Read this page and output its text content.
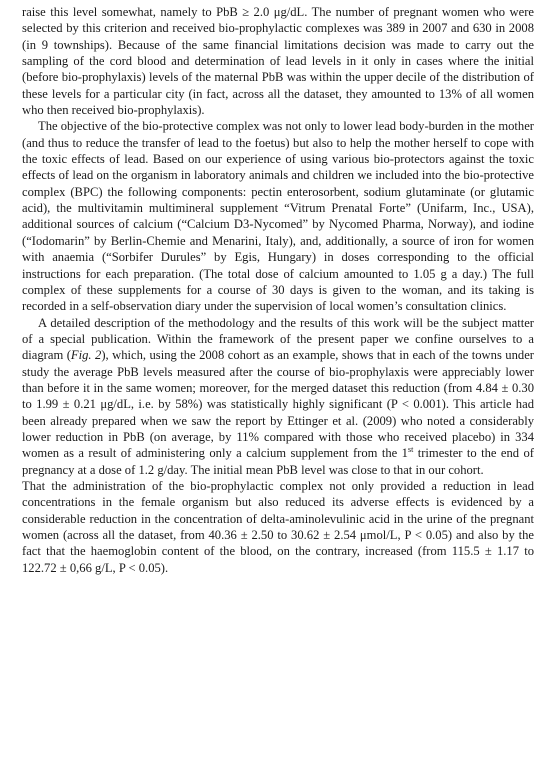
raise this level somewhat, namely to PbB ≥ 2.0 μg/dL. The number of pregnant women who were selected by this criterion and received bio-prophylactic complexes was 389 in 2007 and 630 in 2008 (in 9 townships). Because of the same financial limitations decision was made to carry out the sampling of the cord blood and determination of lead levels in it only in cases where the initial (before bio-prophylaxis) levels of the maternal PbB was within the upper decile of the distribution of these levels for a particular city (in fact, across all the dataset, they amounted to 13% of all women who then received bio-prophylaxis).

The objective of the bio-protective complex was not only to lower lead body-burden in the mother (and thus to reduce the transfer of lead to the foetus) but also to help the mother herself to cope with the toxic effects of lead. Based on our experience of using various bio-protectors against the toxic effects of lead on the organism in laboratory animals and children we included into the bio-protective complex (BPC) the following components: pectin enterosorbent, sodium glutaminate (or glutamic acid), the multivitamin multimineral supplement “Vitrum Prenatal Forte” (Unifarm, Inc., USA), additional sources of calcium (“Calcium D3-Nycomed” by Nycomed Pharma, Norway), and iodine (“Iodomarin” by Berlin-Chemie and Menarini, Italy), and, additionally, a source of iron for women with anaemia (“Sorbifer Durules” by Egis, Hungary) in doses corresponding to the official instructions for each preparation. (The total dose of calcium amounted to 1.05 g a day.) The full complex of these supplements for a course of 30 days is given to the woman, and its taking is recorded in a self-observation diary under the supervision of local women’s consultation clinics.

A detailed description of the methodology and the results of this work will be the subject matter of a special publication. Within the framework of the present paper we confine ourselves to a diagram (Fig. 2), which, using the 2008 cohort as an example, shows that in each of the towns under study the average PbB levels measured after the course of bio-prophylaxis were appreciably lower than before it in the same women; moreover, for the merged dataset this reduction (from 4.84 ± 0.30 to 1.99 ± 0.21 μg/dL, i.e. by 58%) was statistically highly significant (P < 0.001). This article had been already prepared when we saw the report by Ettinger et al. (2009) who noted a considerably lower reduction in PbB (on average, by 11% compared with those who received placebo) in 334 women as a result of administering only a calcium supplement from the 1st trimester to the end of pregnancy at a dose of 1.2 g/day. The initial mean PbB level was close to that in our cohort.

That the administration of the bio-prophylactic complex not only provided a reduction in lead concentrations in the female organism but also reduced its adverse effects is evidenced by a considerable reduction in the concentration of delta-aminolevulinic acid in the urine of the pregnant women (across all the dataset, from 40.36 ± 2.50 to 30.62 ± 2.54 μmol/L, P < 0.05) and also by the fact that the haemoglobin content of the blood, on the contrary, increased (from 115.5 ± 1.17 to 122.72 ± 0,66 g/L, P < 0.05).
